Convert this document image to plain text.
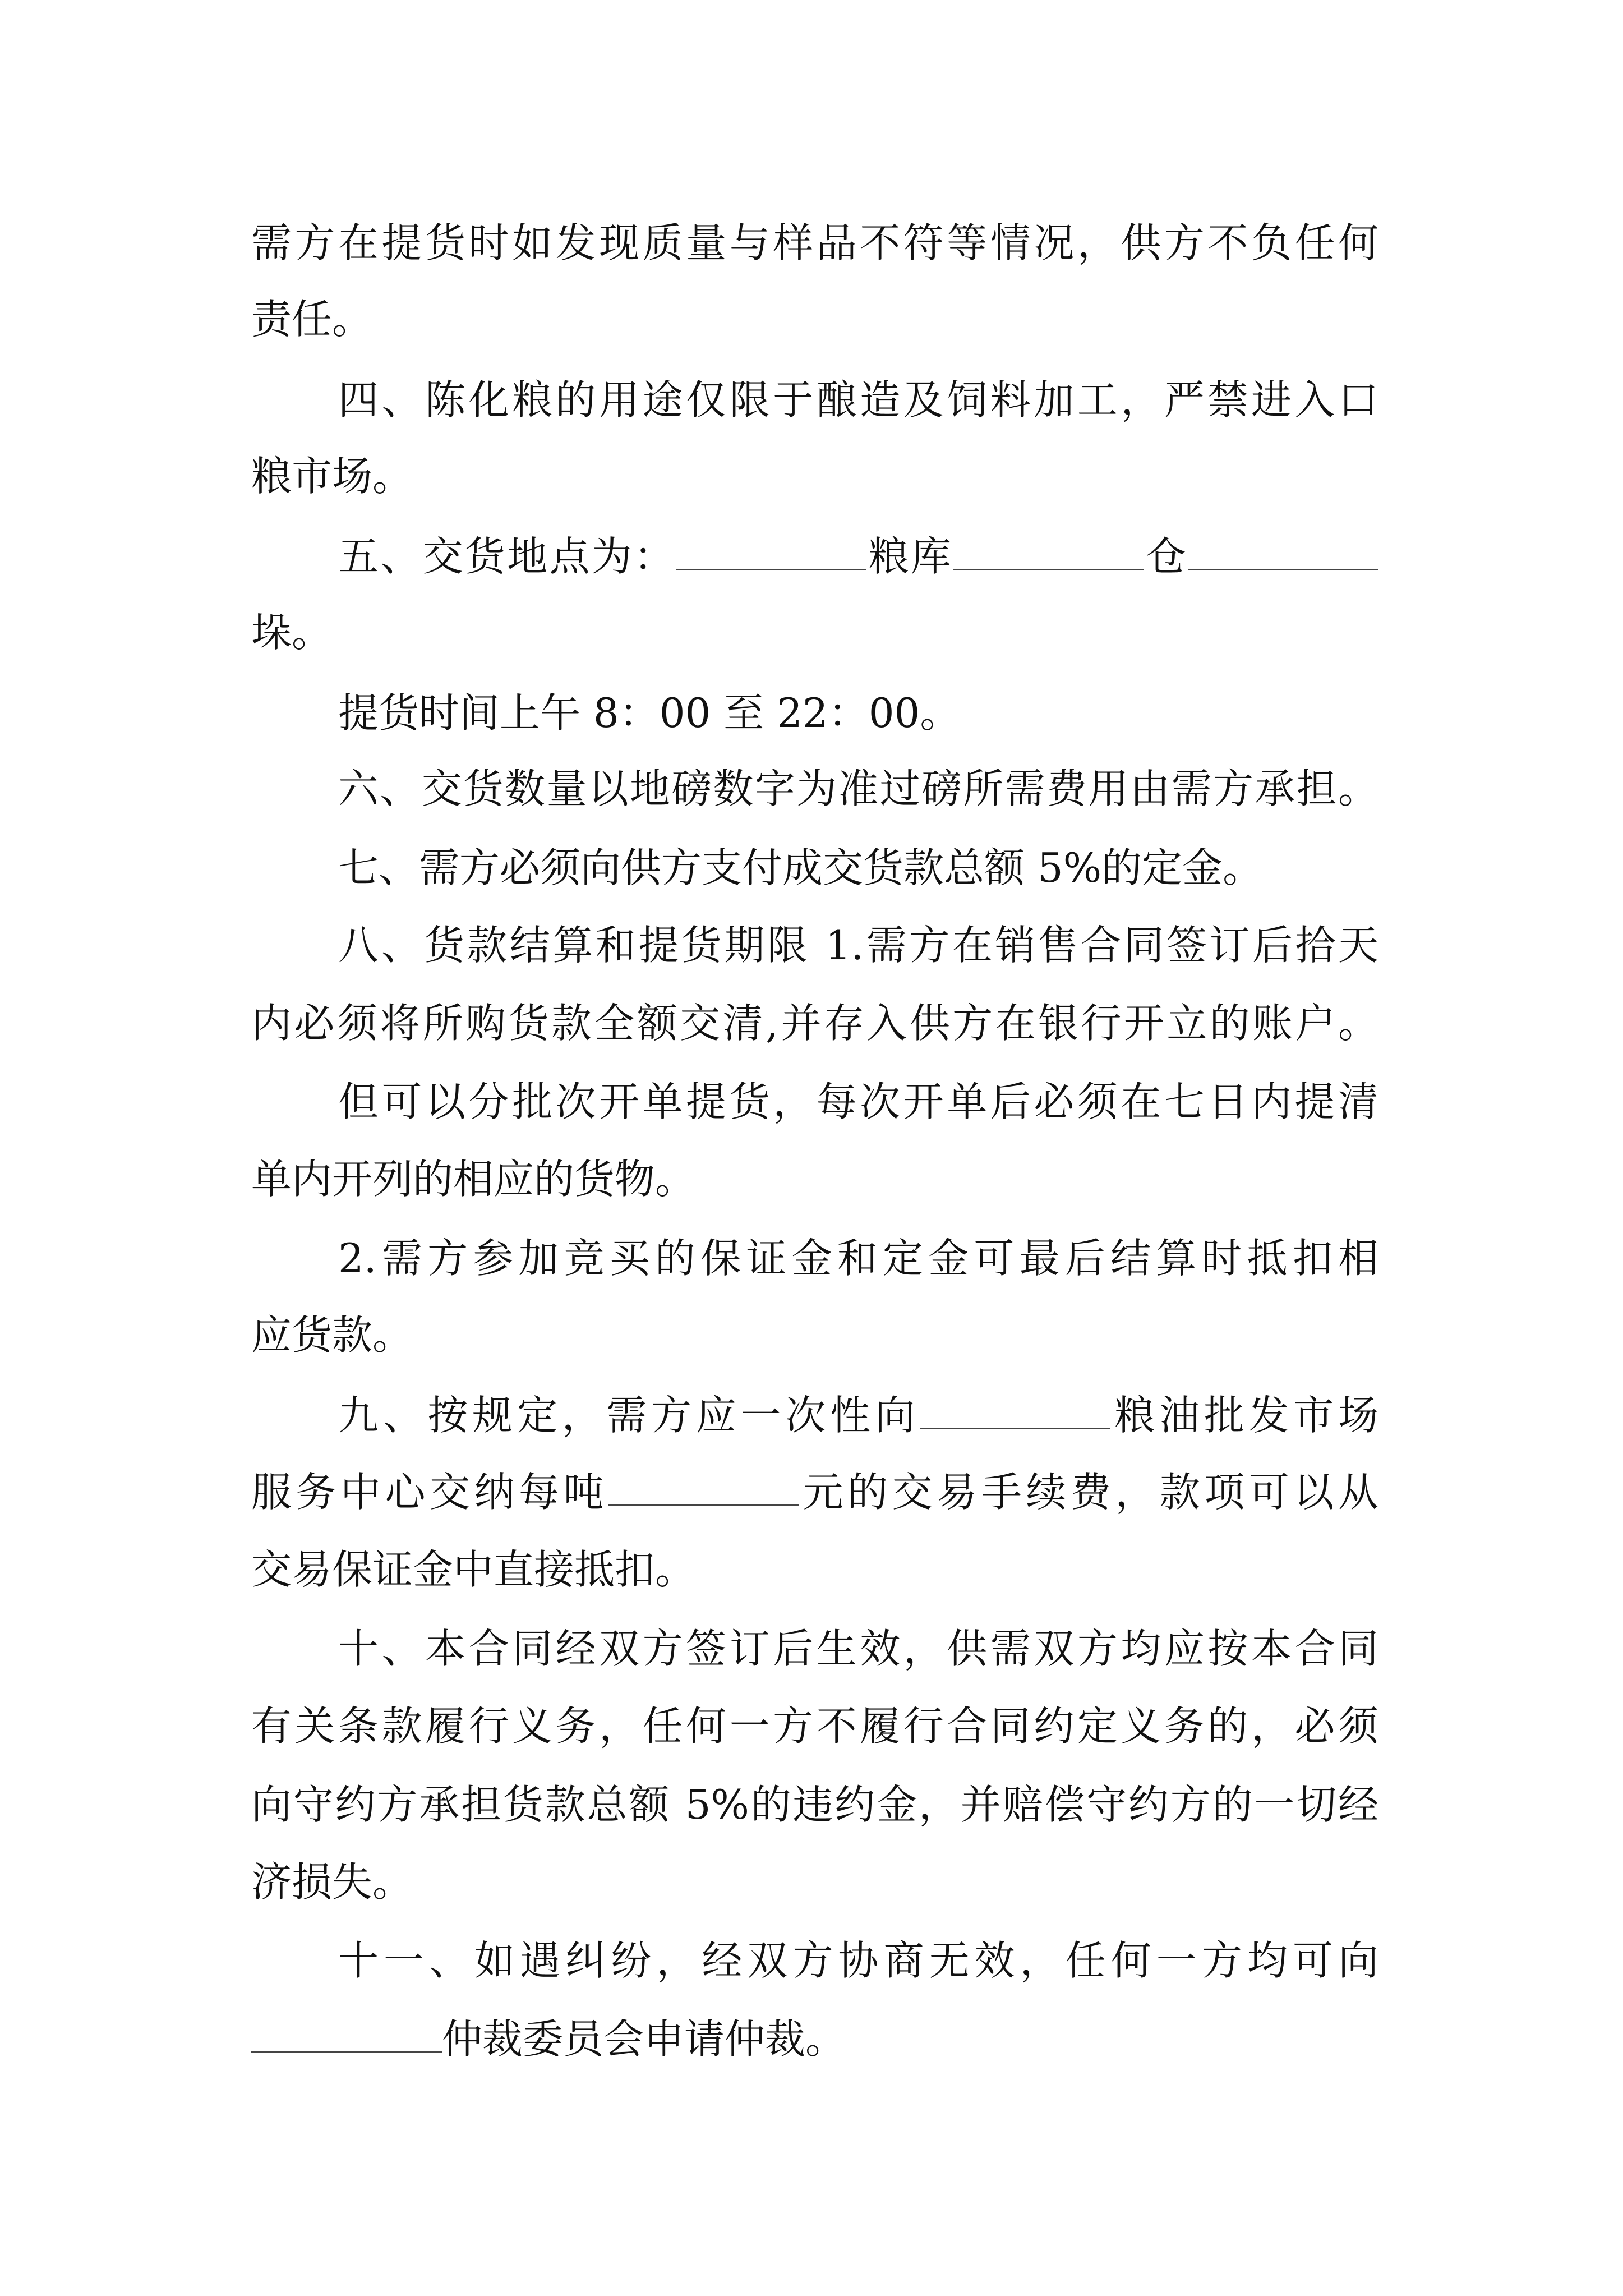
需方在提货时如发现质量与样品不符等情况，供方不负任何
责任。
四、陈化粮的用途仅限于酿造及饲料加工，严禁进入口
粮市场。
五、交货地点为：	粮库	仓
垛。
提货时间上午 8：00 至 22：00。
六、交货数量以地磅数字为准过磅所需费用由需方承担。
七、需方必须向供方支付成交货款总额 5%的定金。
八、货款结算和提货期限 1.需方在销售合同签订后拾天
内必须将所购货款全额交清,并存入供方在银行开立的账户。
但可以分批次开单提货，每次开单后必须在七日内提清
单内开列的相应的货物。
2.需方参加竞买的保证金和定金可最后结算时抵扣相
应货款。
九、按规定，需方应一次性向	粮油批发市场
服务中心交纳每吨	元的交易手续费，款项可以从
交易保证金中直接抵扣。
十、本合同经双方签订后生效，供需双方均应按本合同
有关条款履行义务，任何一方不履行合同约定义务的，必须
向守约方承担货款总额 5%的违约金，并赔偿守约方的一切经
济损失。
十一、如遇纠纷，经双方协商无效，任何一方均可向
仲裁委员会申请仲裁。
